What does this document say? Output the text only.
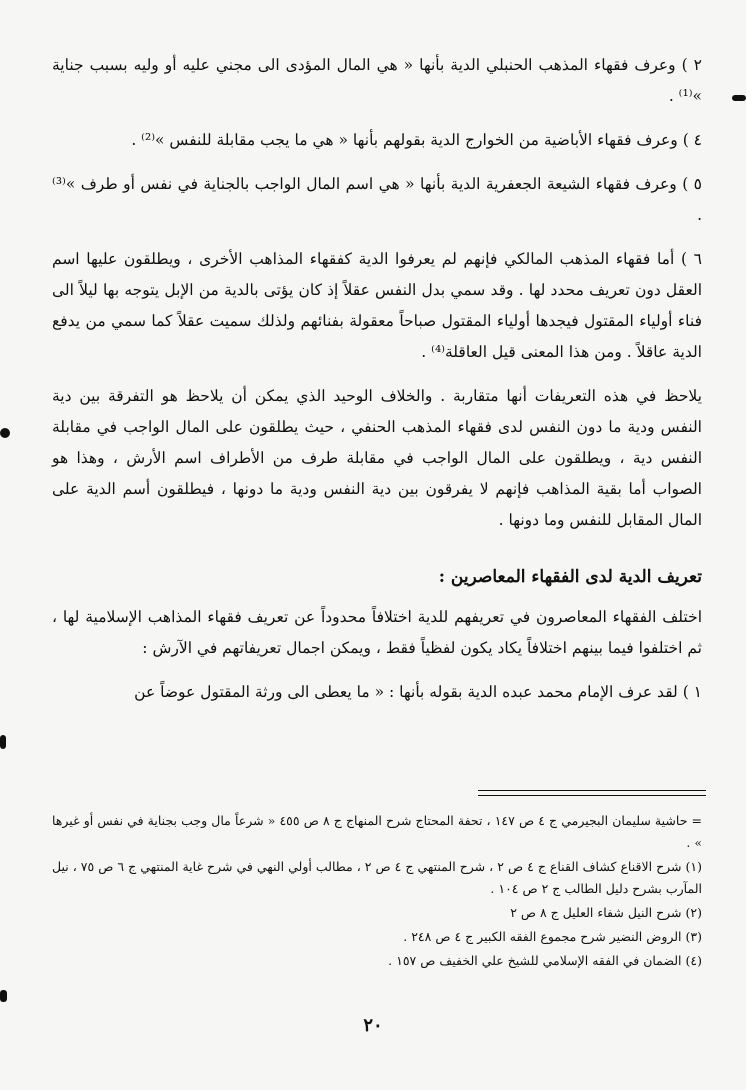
٢ ) وعرف فقهاء المذهب الحنبلي الدية بأنها « هي المال المؤدى الى مجني عليه أو وليه بسبب جناية »⁽¹⁾ .

٤ ) وعرف فقهاء الأباضية من الخوارج الدية بقولهم بأنها « هي ما يجب مقابلة للنفس »⁽²⁾ .

٥ ) وعرف فقهاء الشيعة الجعفرية الدية بأنها « هي اسم المال الواجب بالجناية في نفس أو طرف »⁽³⁾ .

٦ ) أما فقهاء المذهب المالكي فإنهم لم يعرفوا الدية كفقهاء المذاهب الأخرى ، ويطلقون عليها اسم العقل دون تعريف محدد لها . وقد سمي بدل النفس عقلاً إذ كان يؤتى بالدية من الإبل يتوجه بها ليلاً الى فناء أولياء المقتول فيجدها أولياء المقتول صباحاً معقولة بفنائهم ولذلك سميت عقلاً كما سمي من يدفع الدية عاقلاً . ومن هذا المعنى قيل العاقلة⁽⁴⁾ .

يلاحظ في هذه التعريفات أنها متقاربة . والخلاف الوحيد الذي يمكن أن يلاحظ هو التفرقة بين دية النفس ودية ما دون النفس لدى فقهاء المذهب الحنفي ، حيث يطلقون على المال الواجب في مقابلة النفس دية ، ويطلقون على المال الواجب في مقابلة طرف من الأطراف اسم الأرش ، وهذا هو الصواب أما بقية المذاهب فإنهم لا يفرقون بين دية النفس ودية ما دونها ، فيطلقون أسم الدية على المال المقابل للنفس وما دونها .

تعريف الدية لدى الفقهاء المعاصرين :

اختلف الفقهاء المعاصرون في تعريفهم للدية اختلافاً محدوداً عن تعريف فقهاء المذاهب الإسلامية لها ، ثم اختلفوا فيما بينهم اختلافاً يكاد يكون لفظياً فقط ، ويمكن اجمال تعريفاتهم في الآرش :

١ ) لقد عرف الإمام محمد عبده الدية بقوله بأنها : « ما يعطى الى ورثة المقتول عوضاً عن

= حاشية سليمان البجيرمي ج ٤ ص ١٤٧ ، تحفة المحتاج شرح المنهاج ج ٨ ص ٤٥٥ « شرعاً مال وجب بجناية في نفس أو غيرها » .

(١) شرح الاقناع كشاف القناع ج ٤ ص ٢ ، شرح المنتهي ج ٤ ص ٢ ، مطالب أولي النهي في شرح غاية المنتهي ج ٦ ص ٧٥ ، نيل المآرب بشرح دليل الطالب ج ٢ ص ١٠٤ .

(٢) شرح النيل شفاء العليل ج ٨ ص ٢

(٣) الروض النضير شرح مجموع الفقه الكبير ج ٤ ص ٢٤٨ .

(٤) الضمان في الفقه الإسلامي للشيخ علي الخفيف ص ١٥٧ .

٢٠
